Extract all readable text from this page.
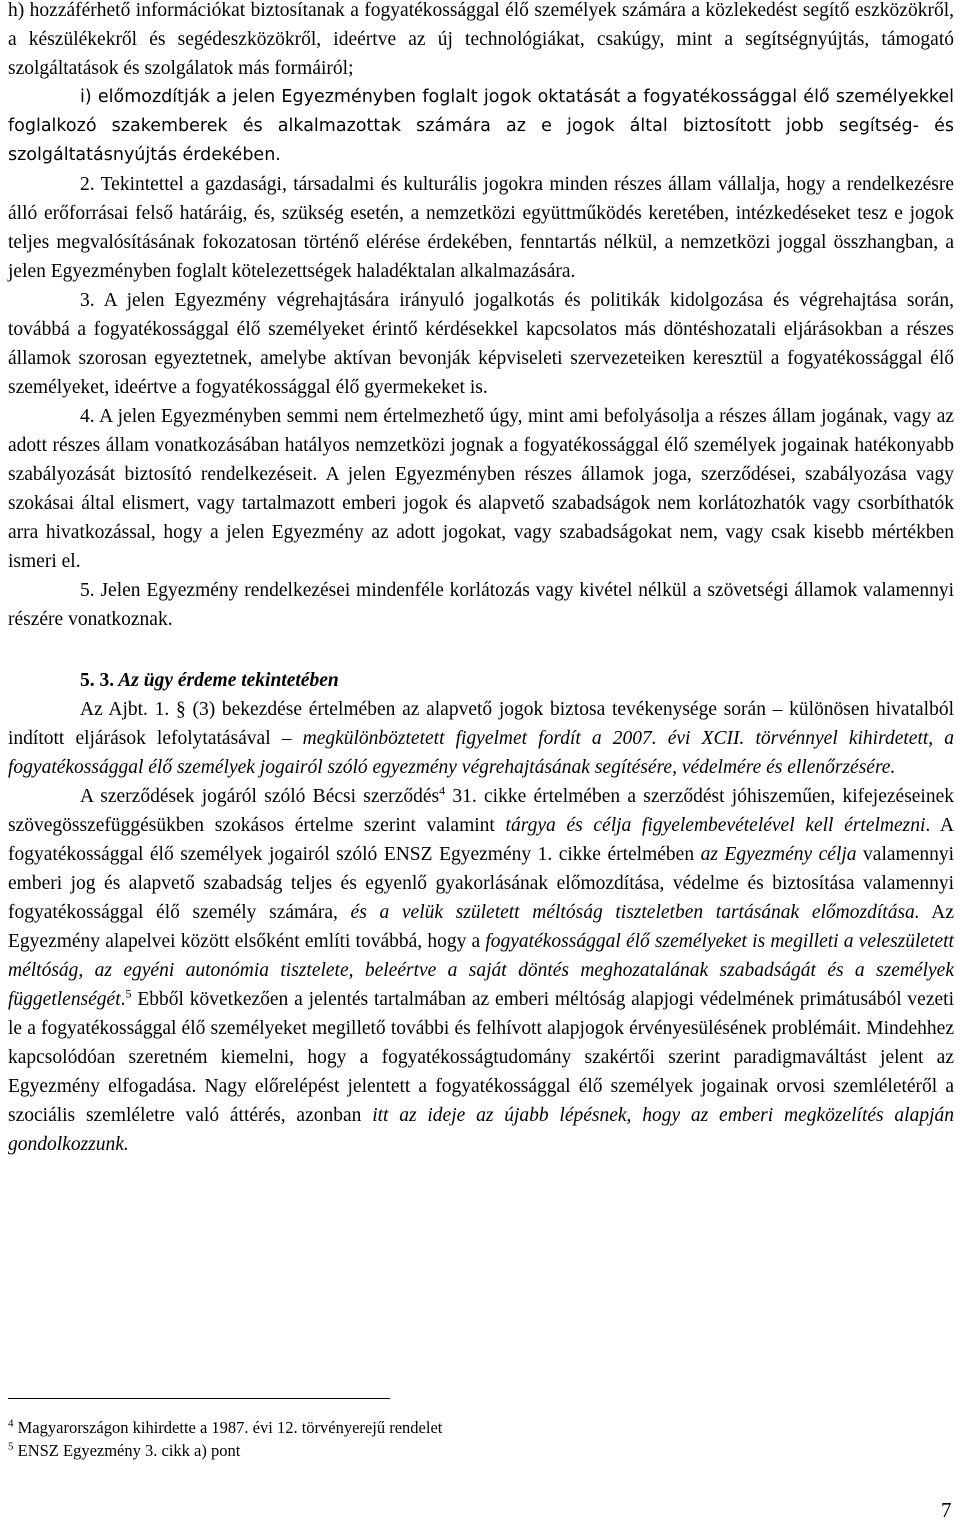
h) hozzáférhető információkat biztosítanak a fogyatékossággal élő személyek számára a közlekedést segítő eszközökről, a készülékekről és segédeszközökről, ideértve az új technológiákat, csakúgy, mint a segítségnyújtás, támogató szolgáltatások és szolgálatok más formáiról;

i) előmozdítják a jelen Egyezményben foglalt jogok oktatását a fogyatékossággal élő személyekkel foglalkozó szakemberek és alkalmazottak számára az e jogok által biztosított jobb segítség- és szolgáltatásnyújtás érdekében.

2. Tekintettel a gazdasági, társadalmi és kulturális jogokra minden részes állam vállalja, hogy a rendelkezésre álló erőforrásai felső határáig, és, szükség esetén, a nemzetközi együttműködés keretében, intézkedéseket tesz e jogok teljes megvalósításának fokozatosan történő elérése érdekében, fenntartás nélkül, a nemzetközi joggal összhangban, a jelen Egyezményben foglalt kötelezettségek haladéktalan alkalmazására.

3. A jelen Egyezmény végrehajtására irányuló jogalkotás és politikák kidolgozása és végrehajtása során, továbbá a fogyatékossággal élő személyeket érintő kérdésekkel kapcsolatos más döntéshozatali eljárásokban a részes államok szorosan egyeztetnek, amelybe aktívan bevonják képviseleti szervezeteiken keresztül a fogyatékossággal élő személyeket, ideértve a fogyatékossággal élő gyermekeket is.

4. A jelen Egyezményben semmi nem értelmezhető úgy, mint ami befolyásolja a részes állam jogának, vagy az adott részes állam vonatkozásában hatályos nemzetközi jognak a fogyatékossággal élő személyek jogainak hatékonyabb szabályozását biztosító rendelkezéseit. A jelen Egyezményben részes államok joga, szerződései, szabályozása vagy szokásai által elismert, vagy tartalmazott emberi jogok és alapvető szabadságok nem korlátozhatók vagy csorbíthatók arra hivatkozással, hogy a jelen Egyezmény az adott jogokat, vagy szabadságokat nem, vagy csak kisebb mértékben ismeri el.

5. Jelen Egyezmény rendelkezései mindenféle korlátozás vagy kivétel nélkül a szövetségi államok valamennyi részére vonatkoznak.

5. 3. Az ügy érdeme tekintetében

Az Ajbt. 1. § (3) bekezdése értelmében az alapvető jogok biztosa tevékenysége során – különösen hivatalból indított eljárások lefolytatásával – megkülönböztetett figyelmet fordít a 2007. évi XCII. törvénnyel kihirdetett, a fogyatékossággal élő személyek jogairól szóló egyezmény végrehajtásának segítésére, védelmére és ellenőrzésére.

A szerződések jogáról szóló Bécsi szerződés$^4$ 31. cikke értelmében a szerződést jóhiszeműen, kifejezéseinek szövegösszefüggésükben szokásos értelme szerint valamint tárgya és célja figyelembevételével kell értelmezni. A fogyatékossággal élő személyek jogairól szóló ENSZ Egyezmény 1. cikke értelmében az Egyezmény célja valamennyi emberi jog és alapvető szabadság teljes és egyenlő gyakorlásának előmozdítása, védelme és biztosítása valamennyi fogyatékossággal élő személy számára, és a velük született méltóság tiszteletben tartásának előmozdítása. Az Egyezmény alapelvei között elsőként említi továbbá, hogy a fogyatékossággal élő személyeket is megilleti a veleszületett méltóság, az egyéni autonómia tisztelete, beleértve a saját döntés meghozatalának szabadságát és a személyek függetlenségét.$^5$ Ebből következően a jelentés tartalmában az emberi méltóság alapjogi védelmének primátusából vezeti le a fogyatékossággal élő személyeket megillető további és felhívott alapjogok érvényesülésének problémáit. Mindehhez kapcsolódóan szeretném kiemelni, hogy a fogyatékosságtudomány szakértői szerint paradigmaváltást jelent az Egyezmény elfogadása. Nagy előrelépést jelentett a fogyatékossággal élő személyek jogainak orvosi szemléletéről a szociális szemléletre való áttérés, azonban itt az ideje az újabb lépésnek, hogy az emberi megközelítés alapján gondolkozzunk.

$^4$ Magyarországon kihirdette a 1987. évi 12. törvényerejű rendelet

$^5$ ENSZ Egyezmény 3. cikk a) pont

7
